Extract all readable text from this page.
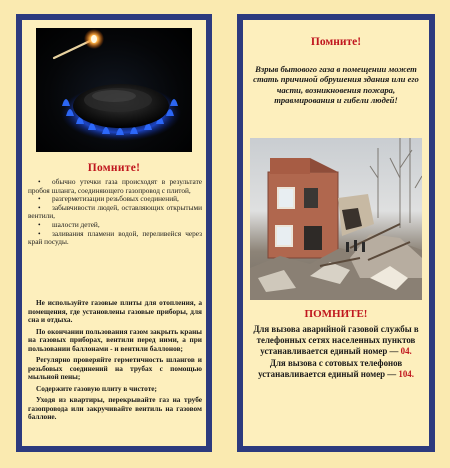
Помните!
• обычно утечки газа происходят в результате пробоя шланга, соединяющего газопровод с плитой,
• разгерметизации резьбовых соединений,
• забывчивости людей, оставляющих открытыми вентили,
• шалости детей,
• заливания пламени водой, переливейся через край посуды.

Не используйте газовые плиты для отопления, а помещения, где установлены газовые приборы, для сна и отдыха.

По окончании пользования газом закрыть краны на газовых приборах, вентили перед ними, а при пользовании баллонами - и вентили баллонов;

Регулярно проверяйте герметичность шлангов и резьбовых соединений на трубах с помощью мыльной пены;

Содержите газовую плиту в чистоте;

Уходя из квартиры, перекрывайте газ на трубе газопровода или закручивайте вентиль на газовом баллоне.

Помните!
Взрыв бытового газа в помещении может стать причиной обрушения здания или его части, возникновения пожара, травмирования и гибели людей!
ПОМНИТЕ!

Для вызова аварийной газовой службы в телефонных сетях населенных пунктов устанавливается единый номер — 04.

Для вызова с сотовых телефонов устанавливается единый номер — 104.
